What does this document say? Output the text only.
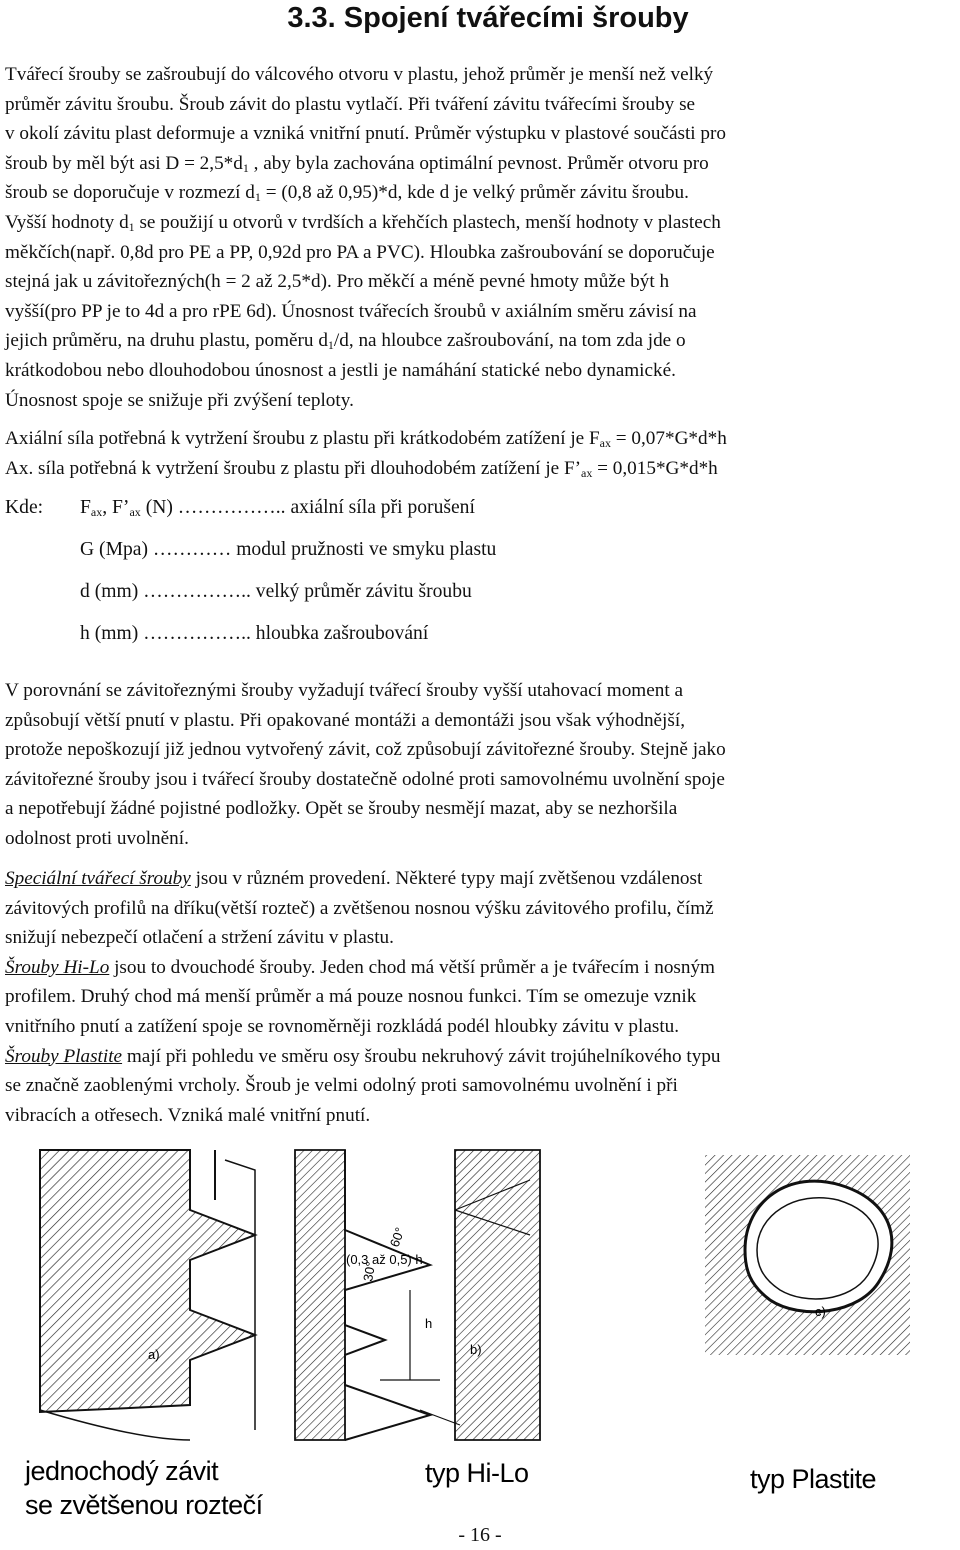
3.3. Spojení tvářecími šrouby
Tvářecí šrouby se zašroubují do válcového otvoru v plastu, jehož průměr je menší než velký
průměr závitu šroubu. Šroub závit do plastu vytlačí. Při tváření závitu tvářecími šrouby se
v okolí závitu plast deformuje a vzniká vnitřní pnutí. Průměr výstupku v plastové součásti pro
šroub by měl být asi $D = 2,5*d_1$ , aby byla zachována optimální pevnost. Průměr otvoru pro
šroub se doporučuje v rozmezí $d_1 = (0,8$ až 0,95)*d, kde d je velký průměr závitu šroubu.
Vyšší hodnoty $d_1$ se použijí u otvorů v tvrdších a křehčích plastech, menší hodnoty v plastech
měkčích(např. 0,8d pro PE a PP, 0,92d pro PA a PVC). Hloubka zašroubování se doporučuje
stejná jak u závitořezných(h = 2 až 2,5*d). Pro měkčí a méně pevné hmoty může být h
vyšší(pro PP je to 4d a pro rPE 6d). Únosnost tvářecích šroubů v axiálním směru závisí na
jejich průměru, na druhu plastu, poměru $d_1/d$, na hloubce zašroubování, na tom zda jde o
krátkodobou nebo dlouhodobou únosnost a jestli je namáhání statické nebo dynamické.
Únosnost spoje se snižuje při zvýšení teploty.
Axiální síla potřebná k vytržení šroubu z plastu při krátkodobém zatížení je $F_{ax} = 0,07*G*d*h$
Ax. síla potřebná k vytržení šroubu z plastu při dlouhodobém zatížení je $F’_{ax} = 0,015*G*d*h$
Kde: $F_{ax}$, $F’_{ax}$ (N) …………….. axiální síla při porušení
G (Mpa) ………… modul pružnosti ve smyku plastu
d (mm) …………….. velký průměr závitu šroubu
h (mm) …………….. hloubka zašroubování
V porovnání se závitořeznými šrouby vyžadují tvářecí šrouby vyšší utahovací moment a
způsobují větší pnutí v plastu. Při opakované montáži a demontáži jsou však výhodnější,
protože nepoškozují již jednou vytvořený závit, což způsobují závitořezné šrouby. Stejně jako
závitořezné šrouby jsou i tvářecí šrouby dostatečně odolné proti samovolnému uvolnění spoje
a nepotřebují žádné pojistné podložky. Opět se šrouby nesmějí mazat, aby se nezhoršila
odolnost proti uvolnění.
Speciální tvářecí šrouby jsou v různém provedení. Některé typy mají zvětšenou vzdálenost
závitových profilů na dříku(větší rozteč) a zvětšenou nosnou výšku závitového profilu, čímž
snižují nebezpečí otlačení a stržení závitu v plastu.
Šrouby Hi-Lo jsou to dvouchodé šrouby. Jeden chod má větší průměr a je tvářecím i nosným
profilem. Druhý chod má menší průměr a má pouze nosnou funkci. Tím se omezuje vznik
vnitřního pnutí a zatížení spoje se rovnoměrněji rozkládá podél hloubky závitu v plastu.
Šrouby Plastite mají při pohledu ve směru osy šroubu nekruhový závit trojúhelníkového typu
se značně zaoblenými vrcholy. Šroub je velmi odolný proti samovolnému uvolnění i při
vibracích a otřesech. Vzniká malé vnitřní pnutí.
a)	b)
c)
60°
30°
(0,3 až 0,5) h
h
jednochodý závit
se zvětšenou roztečí
typ Hi-Lo	typ Plastite
- 16 -
